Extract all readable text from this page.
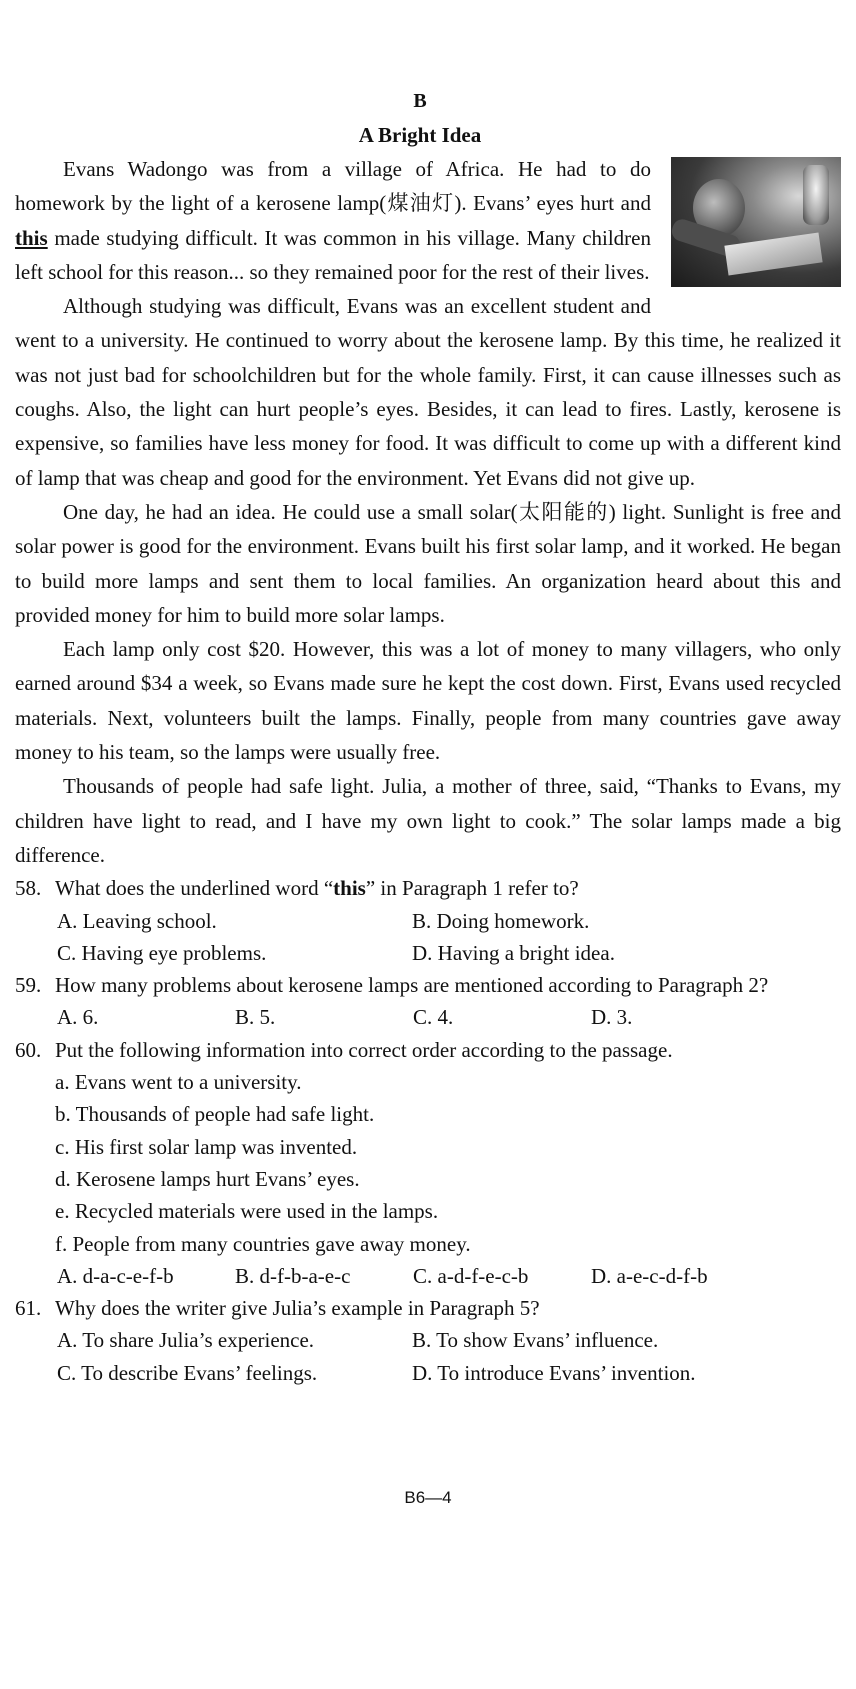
B
A Bright Idea

Evans Wadongo was from a village of Africa. He had to do homework by the light of a kerosene lamp(煤油灯). Evans’ eyes hurt and this made studying difficult. It was common in his village. Many children left school for this reason... so they remained poor for the rest of their lives.

Although studying was difficult, Evans was an excellent student and went to a university. He continued to worry about the kerosene lamp. By this time, he realized it was not just bad for schoolchildren but for the whole family. First, it can cause illnesses such as coughs. Also, the light can hurt people’s eyes. Besides, it can lead to fires. Lastly, kerosene is expensive, so families have less money for food. It was difficult to come up with a different kind of lamp that was cheap and good for the environment. Yet Evans did not give up.

One day, he had an idea. He could use a small solar(太阳能的) light. Sunlight is free and solar power is good for the environment. Evans built his first solar lamp, and it worked. He began to build more lamps and sent them to local families. An organization heard about this and provided money for him to build more solar lamps.

Each lamp only cost $20. However, this was a lot of money to many villagers, who only earned around $34 a week, so Evans made sure he kept the cost down. First, Evans used recycled materials. Next, volunteers built the lamps. Finally, people from many countries gave away money to his team, so the lamps were usually free.

Thousands of people had safe light. Julia, a mother of three, said, “Thanks to Evans, my children have light to read, and I have my own light to cook.” The solar lamps made a big difference.

58. What does the underlined word “this” in Paragraph 1 refer to?
A. Leaving school.	B. Doing homework.
C. Having eye problems.	D. Having a bright idea.
59. How many problems about kerosene lamps are mentioned according to Paragraph 2?
A. 6.	B. 5.	C. 4.	D. 3.
60. Put the following information into correct order according to the passage.
a. Evans went to a university.
b. Thousands of people had safe light.
c. His first solar lamp was invented.
d. Kerosene lamps hurt Evans’ eyes.
e. Recycled materials were used in the lamps.
f. People from many countries gave away money.
A. d-a-c-e-f-b	B. d-f-b-a-e-c	C. a-d-f-e-c-b	D. a-e-c-d-f-b
61. Why does the writer give Julia’s example in Paragraph 5?
A. To share Julia’s experience.	B. To show Evans’ influence.
C. To describe Evans’ feelings.	D. To introduce Evans’ invention.
B6—4
